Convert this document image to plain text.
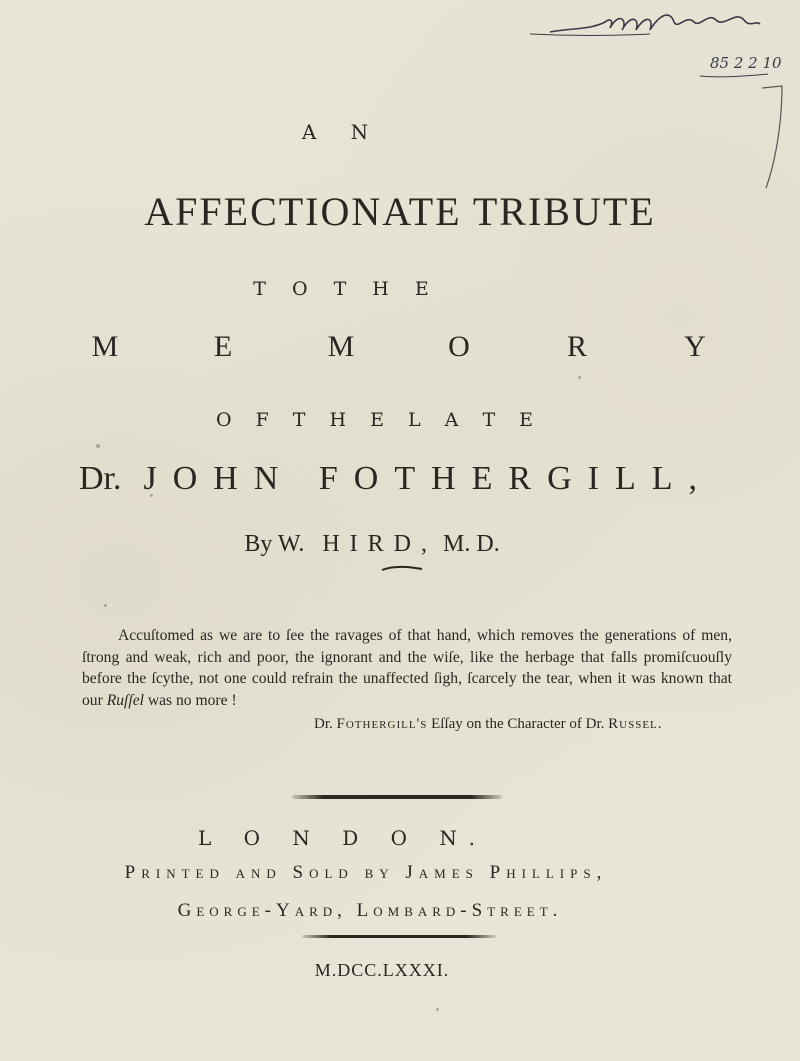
85 2 2 10
Wellcome
A N
AFFECTIONATE TRIBUTE
T O T H E
M	E	M	O	R	Y
O F T H E L A T E
Dr. JOHN FOTHERGILL,
By W. HIRD, M. D.
Accuſtomed as we are to ſee the ravages of that hand, which removes the generations of men, ſtrong and weak, rich and poor, the ignorant and the wiſe, like the herbage that falls promiſcuouſly before the ſcythe, not one could refrain the unaffected ſigh, ſcarcely the tear, when it was known that our Ruſſel was no more !
Dr. Fothergill's Eſſay on the Character of Dr. Russel.
L O N D O N.
Printed and Sold by James Phillips,
George-Yard, Lombard-Street.
M.DCC.LXXXI.
